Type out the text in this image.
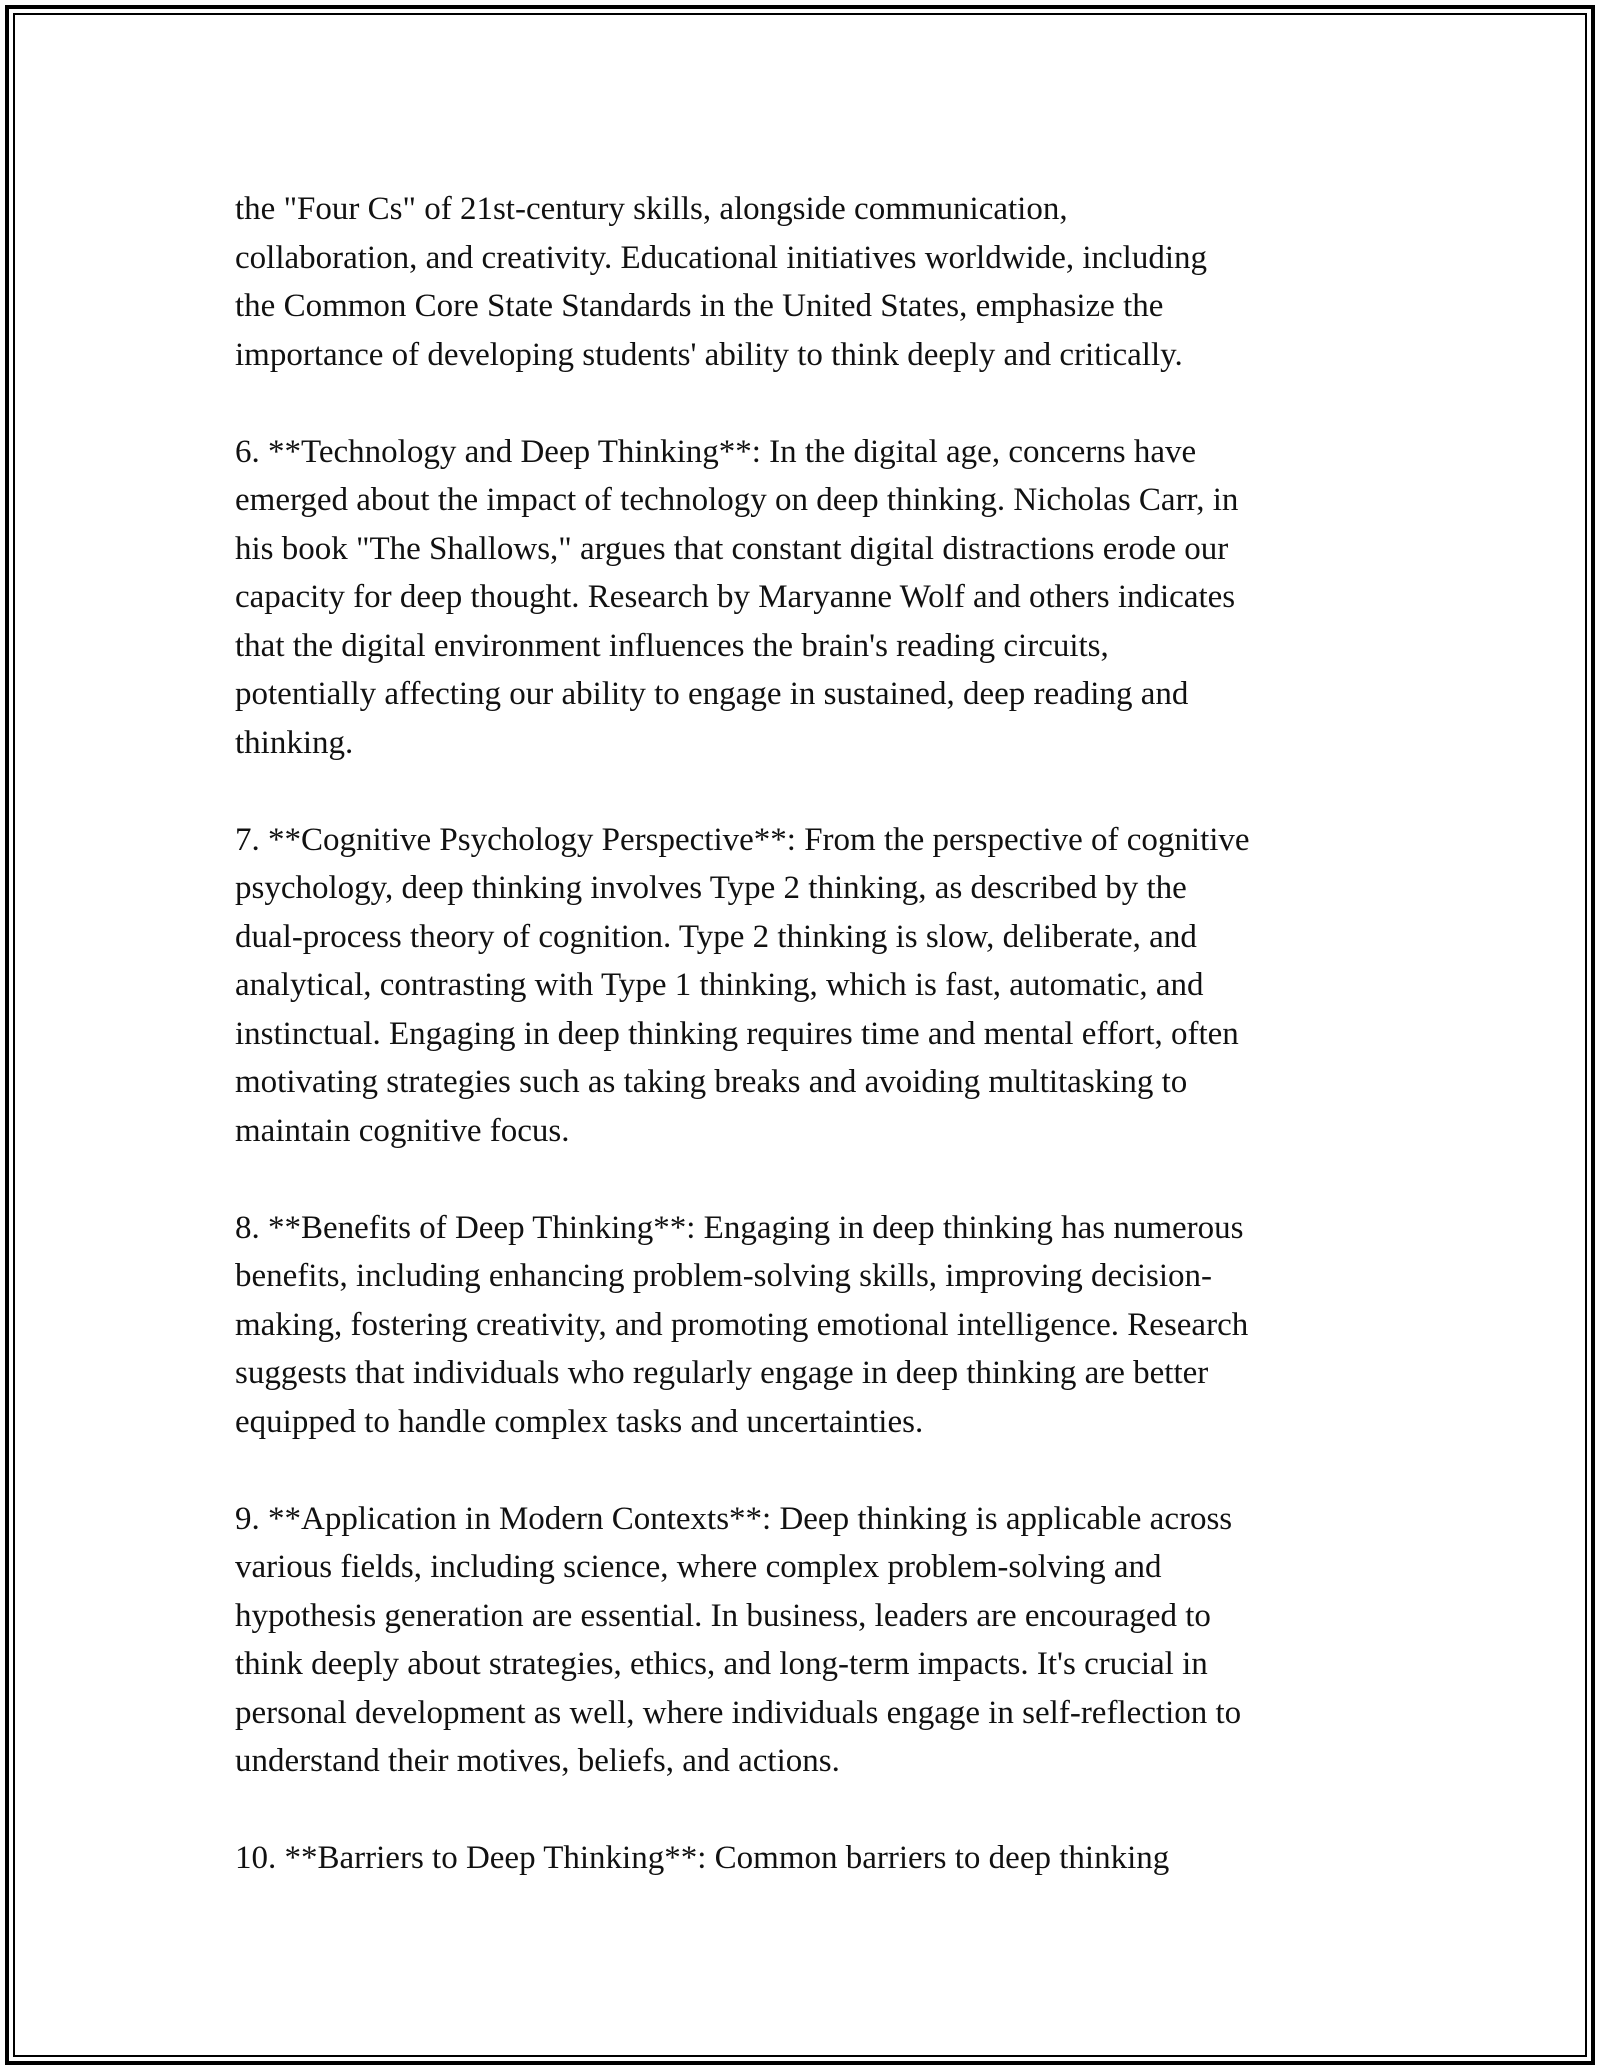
the "Four Cs" of 21st-century skills, alongside communication,
collaboration, and creativity. Educational initiatives worldwide, including
the Common Core State Standards in the United States, emphasize the
importance of developing students' ability to think deeply and critically.
6. **Technology and Deep Thinking**: In the digital age, concerns have
emerged about the impact of technology on deep thinking. Nicholas Carr, in
his book "The Shallows," argues that constant digital distractions erode our
capacity for deep thought. Research by Maryanne Wolf and others indicates
that the digital environment influences the brain's reading circuits,
potentially affecting our ability to engage in sustained, deep reading and
thinking.
7. **Cognitive Psychology Perspective**: From the perspective of cognitive
psychology, deep thinking involves Type 2 thinking, as described by the
dual-process theory of cognition. Type 2 thinking is slow, deliberate, and
analytical, contrasting with Type 1 thinking, which is fast, automatic, and
instinctual. Engaging in deep thinking requires time and mental effort, often
motivating strategies such as taking breaks and avoiding multitasking to
maintain cognitive focus.
8. **Benefits of Deep Thinking**: Engaging in deep thinking has numerous
benefits, including enhancing problem-solving skills, improving decision-
making, fostering creativity, and promoting emotional intelligence. Research
suggests that individuals who regularly engage in deep thinking are better
equipped to handle complex tasks and uncertainties.
9. **Application in Modern Contexts**: Deep thinking is applicable across
various fields, including science, where complex problem-solving and
hypothesis generation are essential. In business, leaders are encouraged to
think deeply about strategies, ethics, and long-term impacts. It's crucial in
personal development as well, where individuals engage in self-reflection to
understand their motives, beliefs, and actions.
10. **Barriers to Deep Thinking**: Common barriers to deep thinking
